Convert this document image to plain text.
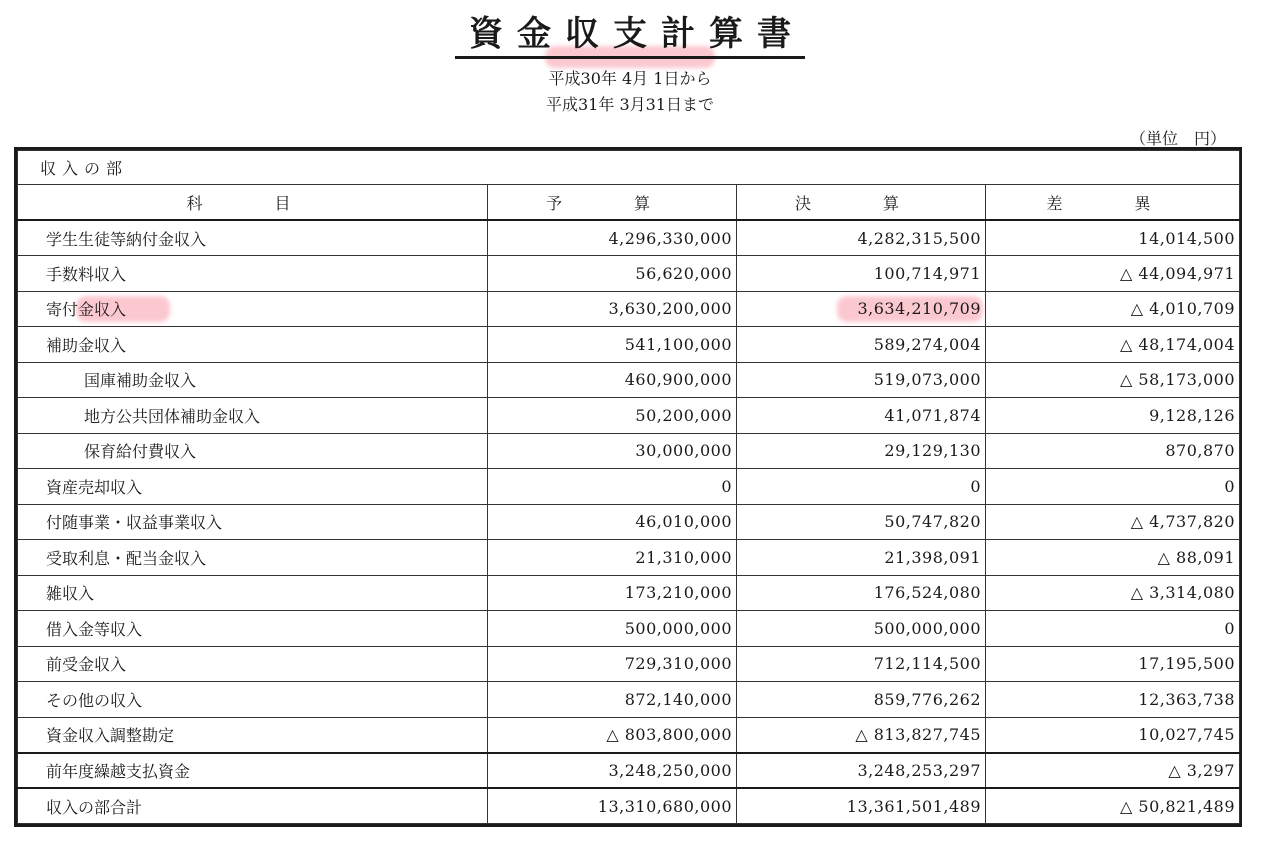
資金収支計算書
平成30年 4月 1日から
平成31年 3月31日まで
（単位　円）
収入の部			
科　目	予　算	決　算	差　異
学生生徒等納付金収入	4,296,330,000	4,282,315,500	14,014,500
手数料収入	56,620,000	100,714,971	△ 44,094,971

寄付金収入	3,630,200,000	3,634,210,709	△ 4,010,709
補助金収入	541,100,000	589,274,004	△ 48,174,004
国庫補助金収入	460,900,000	519,073,000	△ 58,173,000
地方公共団体補助金収入	50,200,000	41,071,874	9,128,126
保育給付費収入	30,000,000	29,129,130	870,870
資産売却収入	0	0	0
付随事業・収益事業収入	46,010,000	50,747,820	△ 4,737,820
受取利息・配当金収入	21,310,000	21,398,091	△ 88,091
雑収入	173,210,000	176,524,080	△ 3,314,080
借入金等収入	500,000,000	500,000,000	0
前受金収入	729,310,000	712,114,500	17,195,500
その他の収入	872,140,000	859,776,262	12,363,738
資金収入調整勘定	△ 803,800,000	△ 813,827,745	10,027,745
前年度繰越支払資金	3,248,250,000	3,248,253,297	△ 3,297
収入の部合計	13,310,680,000	13,361,501,489	△ 50,821,489
